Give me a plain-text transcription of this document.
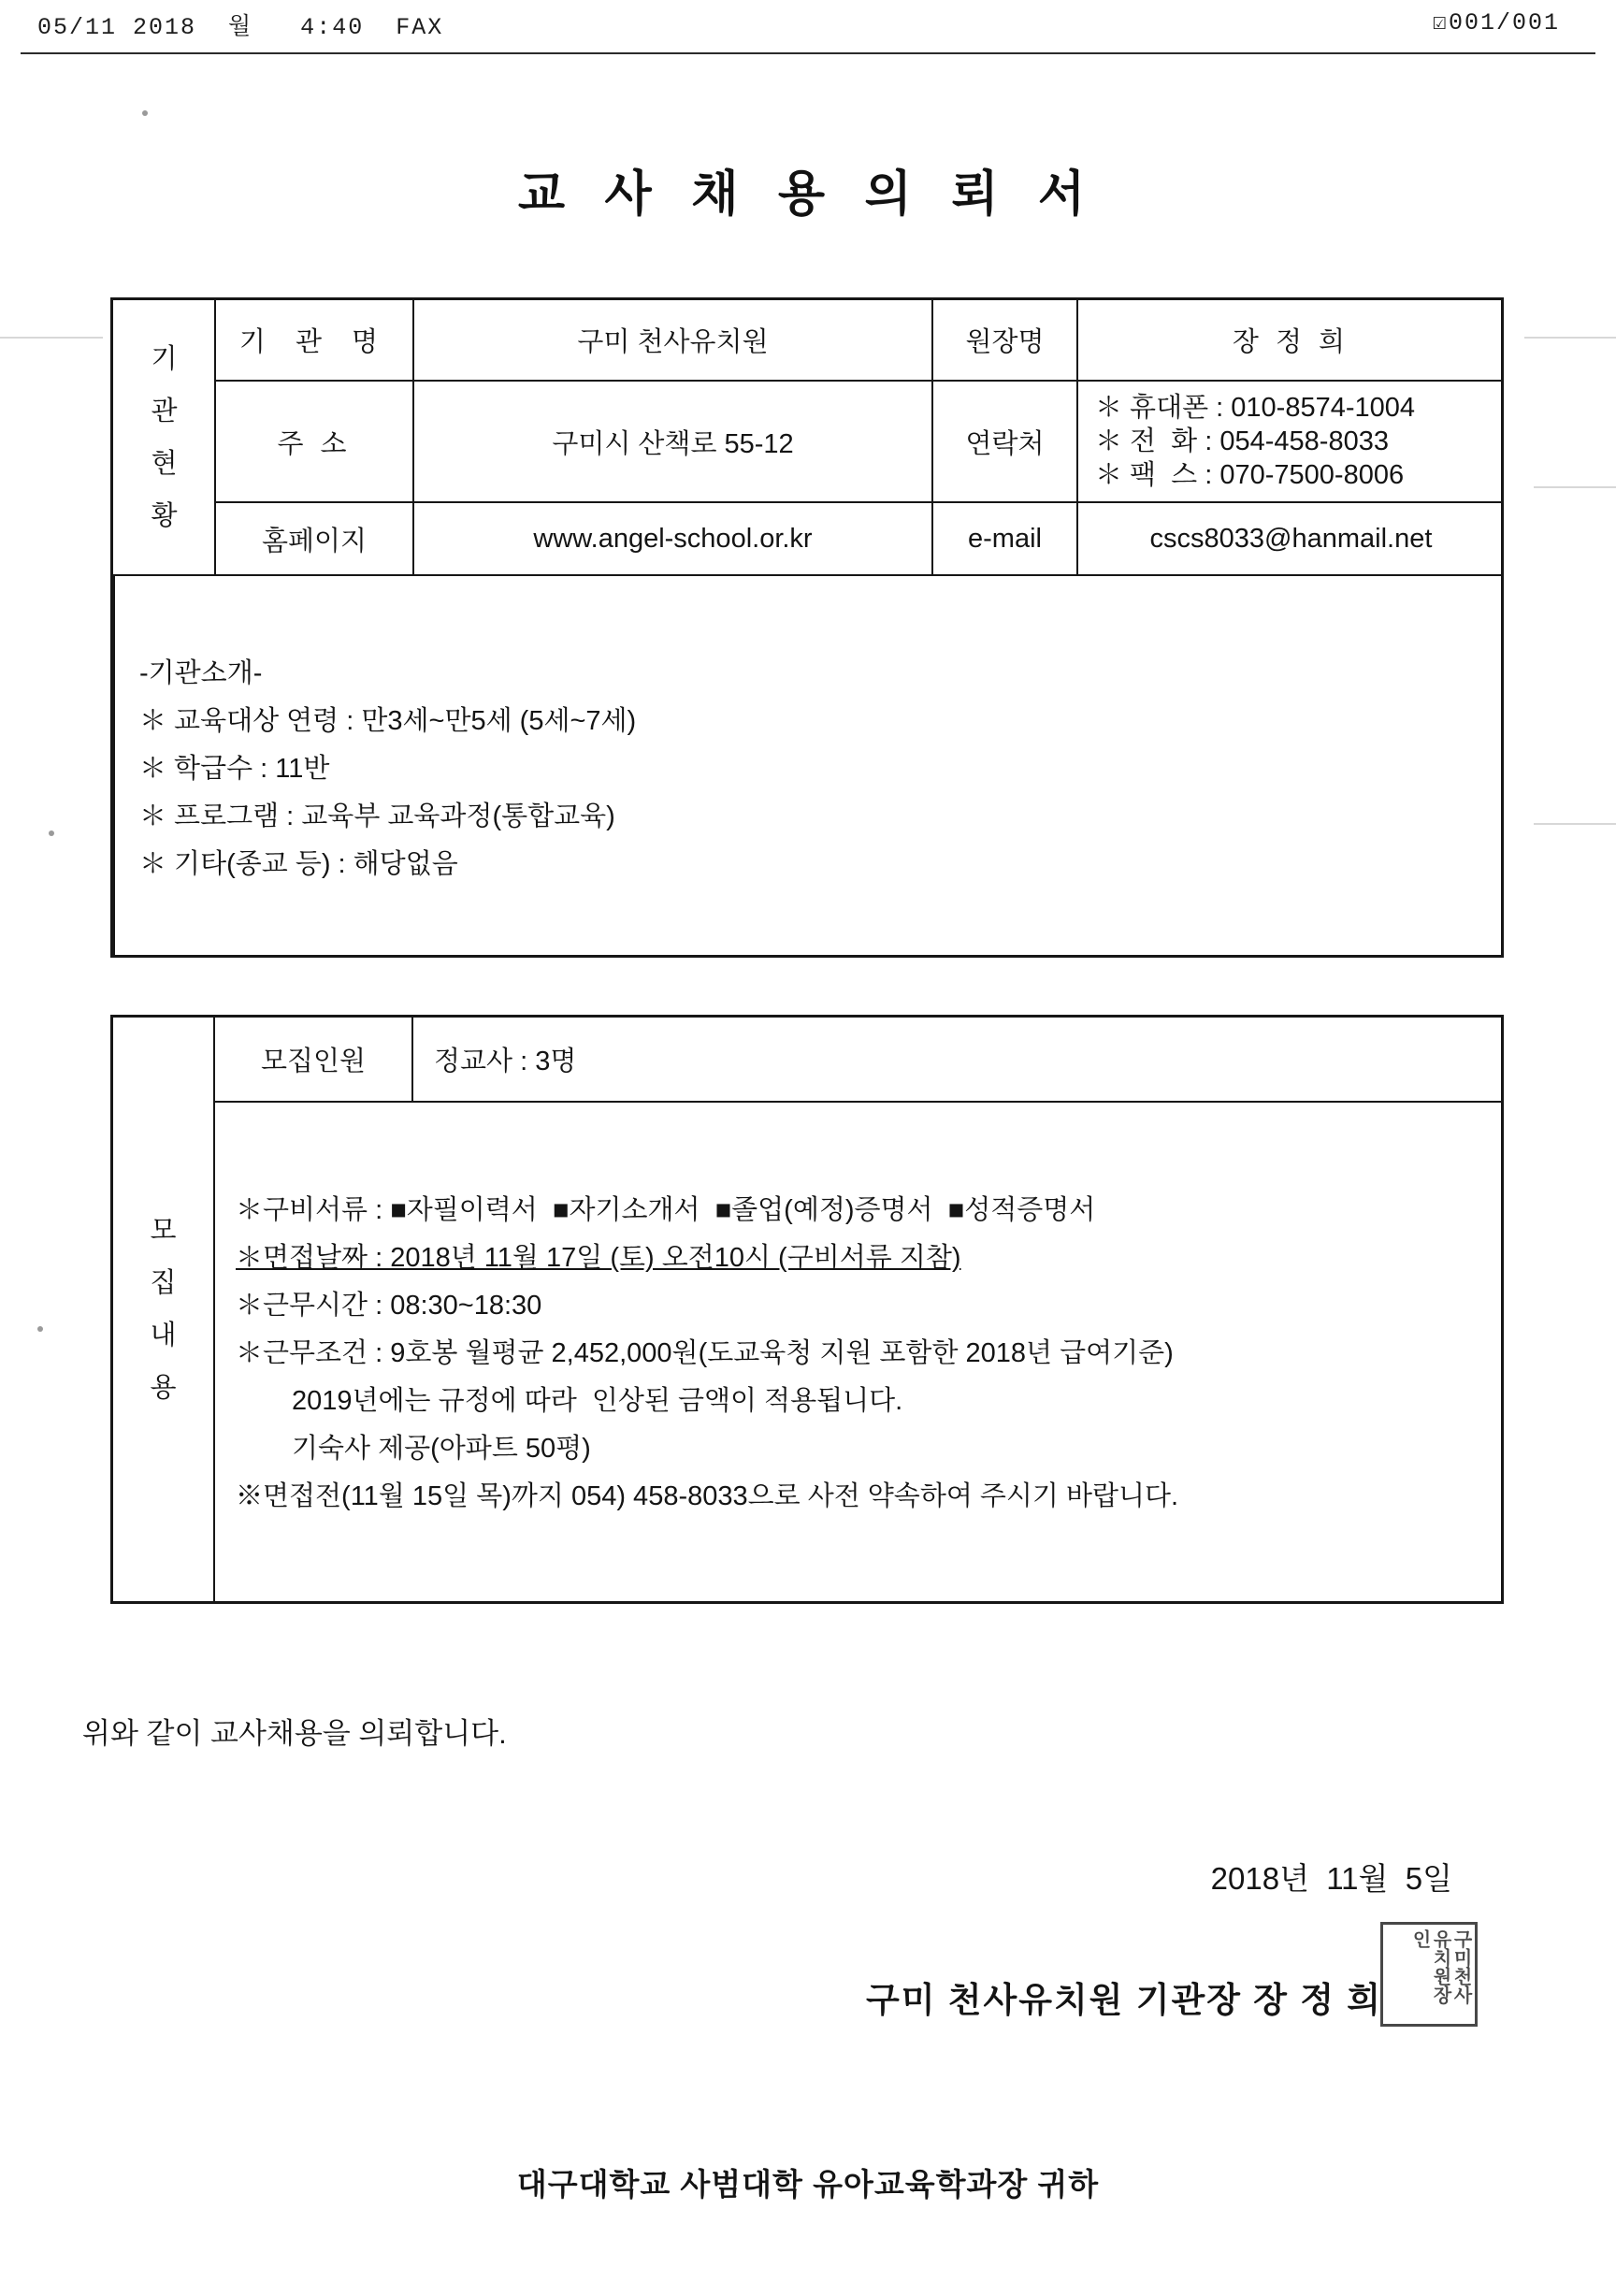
05/11 2018  월   4:40  FAX	☑001/001
교 사 채 용 의 뢰 서
기
관
현
황	기 관 명	구미 천사유치원	원장명	장 정 희
	주 소	구미시 산책로 55-12	연락처	＊ 휴대폰 : 010-8574-1004
＊ 전  화 : 054-458-8033
＊ 팩  스 : 070-7500-8006

	홈페이지	www.angel-school.or.kr	e-mail	cscs8033@hanmail.net

-기관소개-
＊ 교육대상 연령 : 만3세~만5세 (5세~7세)
＊ 학급수 : 11반
＊ 프로그램 : 교육부 교육과정(통합교육)
＊ 기타(종교 등) : 해당없음				
모
집
내
용
	모집인원	정교사 : 3명

＊구비서류 : ■자필이력서  ■자기소개서  ■졸업(예정)증명서  ■성적증명서
＊면접날짜 : 2018년 11월 17일 (토) 오전10시 (구비서류 지참)
＊근무시간 : 08:30~18:30
＊근무조건 : 9호봉 월평균 2,452,000원(도교육청 지원 포함한 2018년 급여기준)
2019년에는 규정에 따라  인상된 금액이 적용됩니다.
기숙사 제공(아파트 50평)
※면접전(11월 15일 목)까지 054) 458-8033으로 사전 약속하여 주시기 바랍니다.
위와 같이 교사채용을 의뢰합니다.
2018년  11월  5일
구미 천사유치원 기관장 장 정 희	구미천사유치원장인
대구대학교 사범대학 유아교육학과장 귀하
